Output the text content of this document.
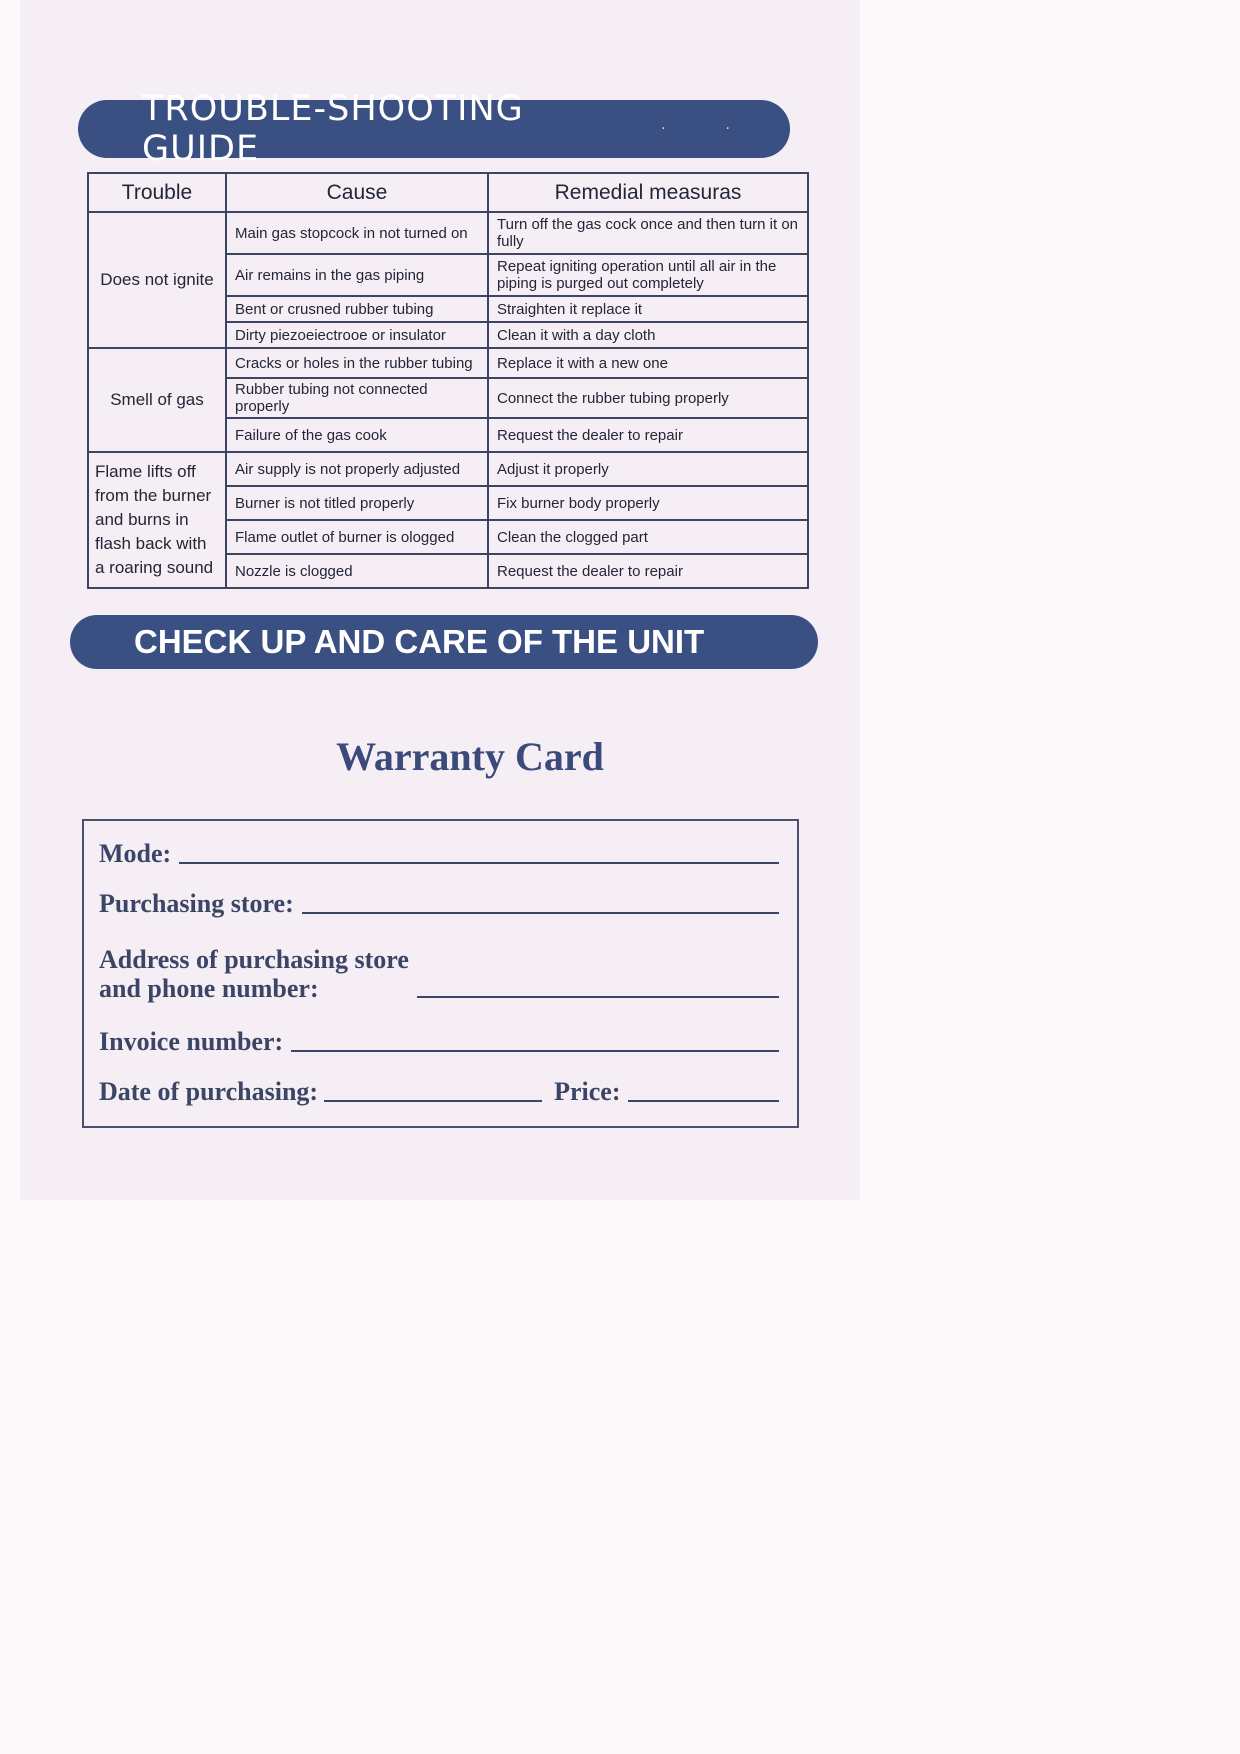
TROUBLE-SHOOTING GUIDE	··
Trouble	Cause	Remedial measuras
Does not ignite	Main gas stopcock in not turned on	Turn off the gas cock once and then turn it on fully
	Air remains in the gas piping	Repeat igniting operation until all air in the piping is purged out completely
	Bent or crusned rubber tubing	Straighten it replace it
	Dirty piezoeiectrooe or insulator	Clean it with a day cloth
Smell of gas	Cracks or holes in the rubber tubing	Replace it with a new one
	Rubber tubing not connected properly	Connect the rubber tubing properly
	Failure of the gas cook	Request the dealer to repair
Flame lifts off from the burner and burns in flash back with a roaring sound	Air supply is not properly adjusted	Adjust it properly
	Burner is not titled properly	Fix burner body properly
	Flame outlet of burner is ologged	Clean the clogged part
	Nozzle is clogged	Request the dealer to repair
CHECK UP AND CARE OF THE UNIT
Warranty Card
Mode:
Purchasing store:
Address of purchasing store and phone number:
Invoice number:
Date of purchasing:	Price:
